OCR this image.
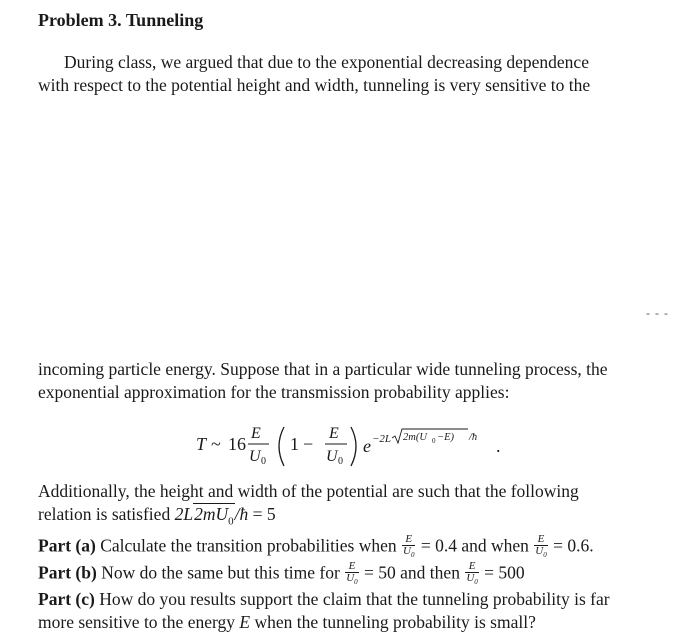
Problem 3. Tunneling
During class, we argued that due to the exponential decreasing dependence
with respect to the potential height and width, tunneling is very sensitive to the
- - -
incoming particle energy. Suppose that in a particular wide tunneling process, the
exponential approximation for the transmission probability applies:
T ~ 16
E
U 0
1 −
E
U 0
e −2L 2m(U 0 −E) /ħ .
Additionally, the height and width of the potential are such that the following
relation is satisfied $2L2mU_0/ħ = 5$
Part (a) Calculate the transition probabilities when $\frac{E}{U_0} = 0.4$ and when $\frac{E}{U_0} = 0.6$.
Part (b) Now do the same but this time for $\frac{E}{U_0} = 50$ and then $\frac{E}{U_0} = 500$
Part (c) How do you results support the claim that the tunneling probability is far
more sensitive to the energy E when the tunneling probability is small?
